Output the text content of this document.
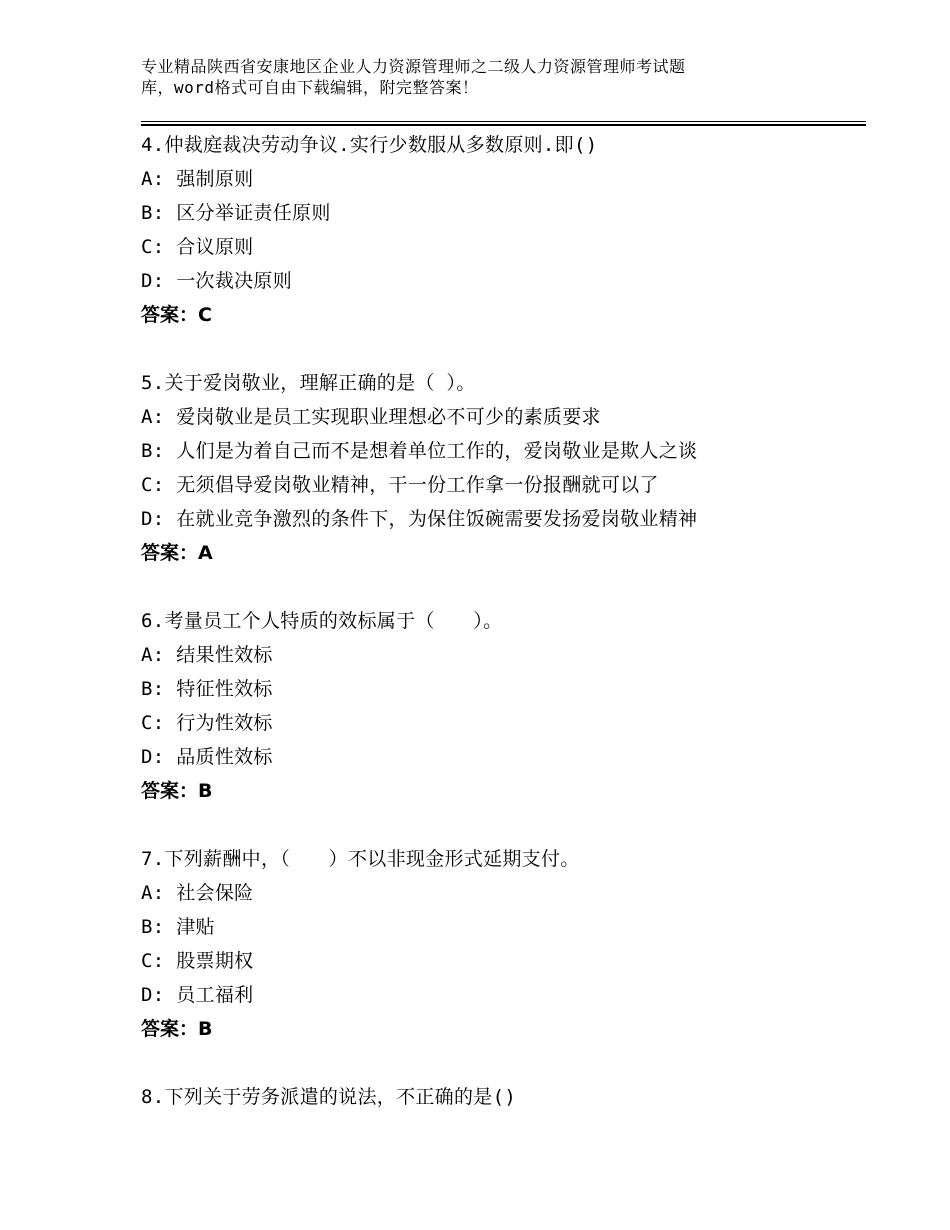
专业精品陕西省安康地区企业人力资源管理师之二级人力资源管理师考试题
库，word格式可自由下载编辑，附完整答案！
4.仲裁庭裁决劳动争议.实行少数服从多数原则.即()
A: 强制原则
B: 区分举证责任原则
C: 合议原则
D: 一次裁决原则
答案：C
5.关于爱岗敬业，理解正确的是（ ）。
A: 爱岗敬业是员工实现职业理想必不可少的素质要求
B: 人们是为着自己而不是想着单位工作的，爱岗敬业是欺人之谈
C: 无须倡导爱岗敬业精神，干一份工作拿一份报酬就可以了
D: 在就业竞争激烈的条件下，为保住饭碗需要发扬爱岗敬业精神
答案：A
6.考量员工个人特质的效标属于（　　）。
A: 结果性效标
B: 特征性效标
C: 行为性效标
D: 品质性效标
答案：B
7.下列薪酬中，（　　）不以非现金形式延期支付。
A: 社会保险
B: 津贴
C: 股票期权
D: 员工福利
答案：B
8.下列关于劳务派遣的说法，不正确的是()
